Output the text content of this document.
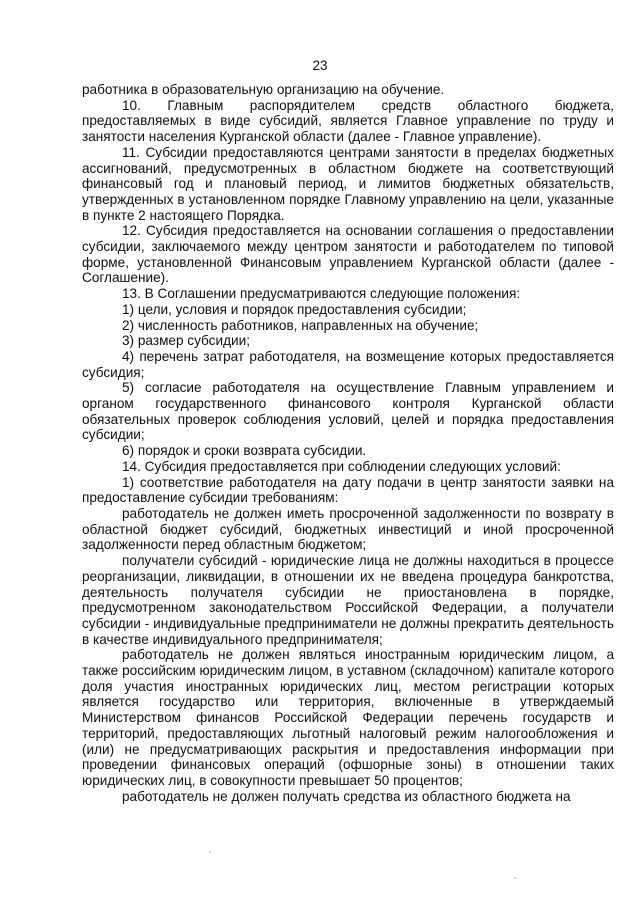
23

работника в образовательную организацию на обучение.

10. Главным распорядителем средств областного бюджета, предоставляемых в виде субсидий, является Главное управление по труду и занятости населения Курганской области (далее - Главное управление).

11. Субсидии предоставляются центрами занятости в пределах бюджетных ассигнований, предусмотренных в областном бюджете на соответствующий финансовый год и плановый период, и лимитов бюджетных обязательств, утвержденных в установленном порядке Главному управлению на цели, указанные в пункте 2 настоящего Порядка.

12. Субсидия предоставляется на основании соглашения о предоставлении субсидии, заключаемого между центром занятости и работодателем по типовой форме, установленной Финансовым управлением Курганской области (далее - Соглашение).

13. В Соглашении предусматриваются следующие положения:

1) цели, условия и порядок предоставления субсидии;

2) численность работников, направленных на обучение;

3) размер субсидии;

4) перечень затрат работодателя, на возмещение которых предоставляется субсидия;

5) согласие работодателя на осуществление Главным управлением и органом государственного финансового контроля Курганской области обязательных проверок соблюдения условий, целей и порядка предоставления субсидии;

6) порядок и сроки возврата субсидии.

14. Субсидия предоставляется при соблюдении следующих условий:

1) соответствие работодателя на дату подачи в центр занятости заявки на предоставление субсидии требованиям:

работодатель не должен иметь просроченной задолженности по возврату в областной бюджет субсидий, бюджетных инвестиций и иной просроченной задолженности перед областным бюджетом;

получатели субсидий - юридические лица не должны находиться в процессе реорганизации, ликвидации, в отношении их не введена процедура банкротства, деятельность получателя субсидии не приостановлена в порядке, предусмотренном законодательством Российской Федерации, а получатели субсидии - индивидуальные предприниматели не должны прекратить деятельность в качестве индивидуального предпринимателя;

работодатель не должен являться иностранным юридическим лицом, а также российским юридическим лицом, в уставном (складочном) капитале которого доля участия иностранных юридических лиц, местом регистрации которых является государство или территория, включенные в утверждаемый Министерством финансов Российской Федерации перечень государств и территорий, предоставляющих льготный налоговый режим налогообложения и (или) не предусматривающих раскрытия и предоставления информации при проведении финансовых операций (офшорные зоны) в отношении таких юридических лиц, в совокупности превышает 50 процентов;

работодатель не должен получать средства из областного бюджета на
